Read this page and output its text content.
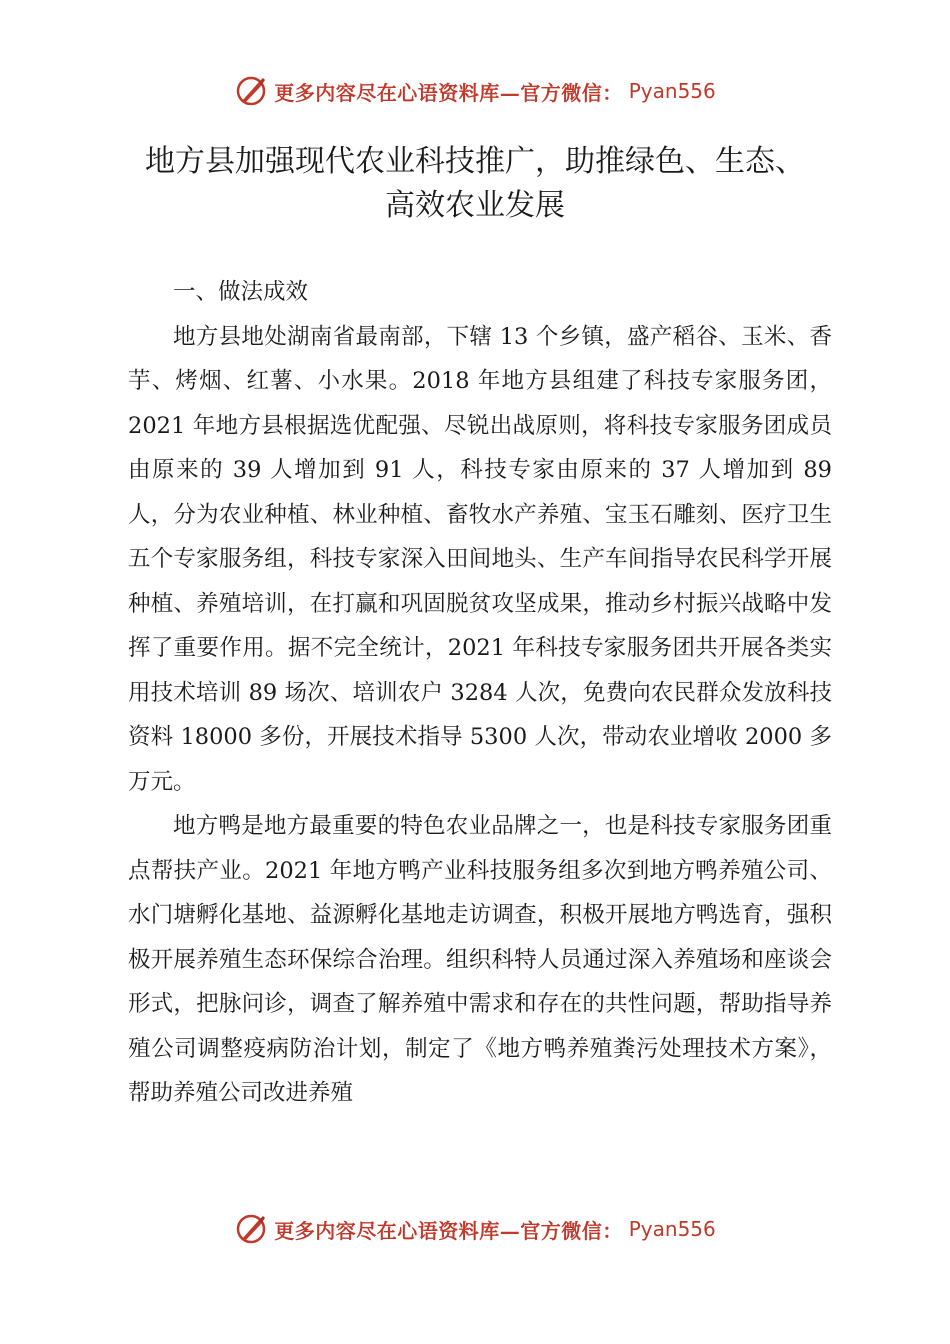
更多内容尽在心语资料库—官方微信： Pyan556
地方县加强现代农业科技推广，助推绿色、生态、
高效农业发展

一、做法成效

地方县地处湖南省最南部，下辖 13 个乡镇，盛产稻谷、玉米、香芋、烤烟、红薯、小水果。2018 年地方县组建了科技专家服务团，2021 年地方县根据选优配强、尽锐出战原则，将科技专家服务团成员由原来的 39 人增加到 91 人，科技专家由原来的 37 人增加到 89 人，分为农业种植、林业种植、畜牧水产养殖、宝玉石雕刻、医疗卫生五个专家服务组，科技专家深入田间地头、生产车间指导农民科学开展种植、养殖培训，在打赢和巩固脱贫攻坚成果，推动乡村振兴战略中发挥了重要作用。据不完全统计，2021 年科技专家服务团共开展各类实用技术培训 89 场次、培训农户 3284 人次，免费向农民群众发放科技资料 18000 多份，开展技术指导 5300 人次，带动农业增收 2000 多万元。

地方鸭是地方最重要的特色农业品牌之一，也是科技专家服务团重点帮扶产业。2021 年地方鸭产业科技服务组多次到地方鸭养殖公司、水门塘孵化基地、益源孵化基地走访调查，积极开展地方鸭选育，强积极开展养殖生态环保综合治理。组织科特人员通过深入养殖场和座谈会形式，把脉问诊，调查了解养殖中需求和存在的共性问题，帮助指导养殖公司调整疫病防治计划，制定了《地方鸭养殖粪污处理技术方案》，帮助养殖公司改进养殖

更多内容尽在心语资料库—官方微信： Pyan556
